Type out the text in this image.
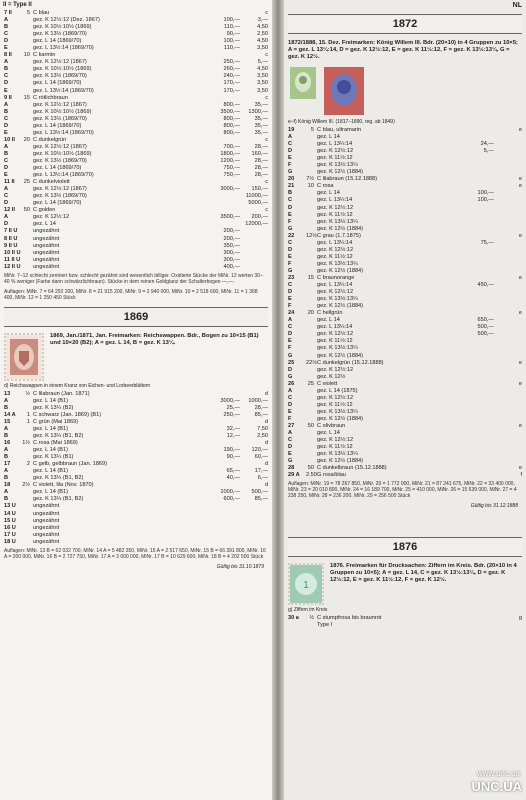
II = Type II
7 II	5 C blau	c
A	gez. K 12½:12 (Dez. 1867)	100,—	3,—
B	gez. K 10½:10½ (1869)	110,—	4,50
C	gez. K 13½ (1869/70)	90,—	2,50
D	gez. L 14 (1869/70)	100,—	4,50
E	gez. L 13½:14 (1869/70)	110,—	3,50
8 II	10 C karmin	c
A	gez. K 12½:12 (1867)	250,—	5,—
B	gez. K 10½:10½ (1869)	260,—	4,50
C	gez. K 13½ (1869/70)	240,—	3,50
D	gez. L 14 (1869/70)	170,—	3,50
E	gez. L 13½:14 (1869/70)	170,—	3,50
9 II	15 C rötlichbraun	c
A	gez. K 12½:12 (1867)	800,—	35,—
B	gez. K 10½:10½ (1869)	3500,—	1300,—
C	gez. K 13½ (1869/70)	800,—	35,—
D	gez. L 14 (1869/70)	800,—	35,—
E	gez. L 13½:14 (1869/70)	800,—	35,—
10 II	20 C dunkelgrün	c
A	gez. K 12½:12 (1867)	700,—	28,—
B	gez. K 10½:10½ (1869)	1800,—	160,—
C	gez. K 13½ (1869/70)	1200,—	28,—
D	gez. L 14 (1869/70)	750,—	28,—
E	gez. L 13½:14 (1869/70)	750,—	28,—
11 II	25 C dunkelviolett	c
A	gez. K 12½:12 (1867)	3000,—	150,—
C	gez. K 13½ (1869/70)	11000,—
D	gez. L 14 (1869/70)	5000,—
12 II	50 C golden	c
A	gez. K 12½:12	3500,—	200,—
D	gez. L 14	12000,—
7 II U	ungezähnt	200,—
8 II U	ungezähnt	200,—
9 II U	ungezähnt	350,—
10 II U ungezähnt	300,—
11 II U	ungezähnt	300,—
12 II U ungezähnt	400,—
MiNr. 7–12 schlecht zentriert bzw. schlecht gezähnt sind wesentlich billiger. Oxidierte Stücke der MiNr. 12 werten 30–40 % weniger (Farbe dann schwärzlichbraun). Stücke in dem reinen Goldglanz der Schalterbogen —,—.
Auflagen: MiNr. 7 = 64 292 200, MiNr. 8 = 21 915 200, MiNr. 9 = 2 940 000, MiNr. 10 = 2 518 600, MiNr. 11 = 1 368 400, MiNr. 12 = 1 250 450 Stück
1869
1869, Jan./1871, Jan. Freimarken: Reichswappen. Bdr., Bogen zu 10×15 (B1) und 10×20 (B2); A = gez. L 14, B = gez. K 13¼.
d) Reichswappen in einem Kranz von Eichen- und Lorbeerblättern
13	½ C lilabraun (Jan. 1871)	d
A	gez. L 14 (B1)	3000,—	1000,—
B	gez. K 13¼ (B2)	25,—	28,—
14 A	1 C schwarz (Jan. 1869) (B1)	250,—	85,—
15	1 C grün (Mai 1869)	d
A	gez. L 14 (B1)	32,—	7,50
B	gez. K 13¼ (B1, B2)	12,—	2,50
16	1½ C rosa (Mai 1869)	d
A	gez. L 14 (B1)	190,—	120,—
B	gez. K 13¼ (B1)	90,—	60,—
17	2 C gelb, gelbbraun (Jan. 1869)	d
A	gez. L 14 (B1)	65,—	17,—
B	gez. K 13¼ (B1, B2)	40,—	6,—
18	2½ C violett, lila (Nov. 1870)	d
A	gez. L 14 (B1)	1000,—	500,—
B	gez. K 13¼ (B1, B2)	600,—	85,—
13 U	ungezähnt
14 U	ungezähnt
15 U	ungezähnt
16 U	ungezähnt
17 U	ungezähnt
18 U	ungezähnt
Auflagen: MiNr. 13 B = 62 032 700, MiNr. 14 A = 5 482 350, MiNr. 15 A = 2 517 650, MiNr. 15 B = 66 391 800, MiNr. 16 A = 200 000, MiNr. 16 B = 2 727 750, MiNr. 17 A = 3 000 000, MiNr. 17 B = 10 629 600, MiNr. 18 B = 4 202 500 Stück
Gültig bis 31.10.1879
NL
1872
1872/1888, 15. Dez. Freimarken: König Willem III. Bdr. (20×10) in 4 Gruppen zu 10×5; A = gez. L 13¼:14, D = gez. K 12½:12, E = gez. K 11½:12, F = gez. K 13½:13¼, G = gez. K 12½.
e–f) König Willem III. (1817–1890, reg. ab 1849)
19	5 C blau, ultramarin	e
A	gez. L 14
C	gez. L 13¼:14	24,—
D	gez. K 12½:12	5,—
E	gez. K 11½:12
F	gez. K 13½:13¼
G	gez. K 12½ (1884)
20	7½ C lilabraun (15.12.1888)	e
21	10 C rosa	e
B	gez. L 14	100,—
C	gez. L 13¼:14	100,—
D	gez. K 12½:12
E	gez. K 11½:12
F	gez. K 13½:13¼
G	gez. K 12½ (1884)
22	12½ C grau (1.7.1875)	e
C	gez. L 13¼:14	75,—
D	gez. K 12½:12
E	gez. K 11½:12
F	gez. K 13½:13¼
G	gez. K 12½ (1884)
23	15 C braunorange	e
C	gez. L 13¼:14	450,—
D	gez. K 12½:12
E	gez. K 13½:13¼
F	gez. K 12½ (1884)
24	20 C hellgrün	e
A	gez. L 14	650,—
C	gez. L 13¼:14	500,—
D	gez. K 12½:12	500,—
E	gez. K 11½:12
F	gez. K 13½:13¼
G	gez. K 12½ (1884)
25	22½ C dunkelgrün (15.12.1888)	e
D	gez. K 12½:12
G	gez. K 12½
26	25 C violett	e
A	gez. L 14 (1875)
C	gez. K 12½:12
D	gez. K 11½:12
E	gez. K 13½:13¼
F	gez. K 12½ (1884)
27	50 C olivbraun	e
A	gez. L 14
C	gez. K 12½:12
D	gez. K 11½:12
E	gez. K 13½:13¼
G	gez. K 12½ (1884)
28	50 C dunkelbraun (15.12.1888)	e
29 A	2.50 G rosa/blau	f
Auflagen: MiNr. 19 = 78 267 850, MiNr. 20 = 1 772 000, MiNr. 21 = 87 241 675, MiNr. 22 = 33 400 000, MiNr. 23 = 20 010 800, MiNr. 24 = 16 189 700, MiNr. 25 = 410 000, MiNr. 26 = 15 639 000, MiNr. 27 = 4 238 250, MiNr. 28 = 236 200, MiNr. 29 = 256 500 Stück
Gültig bis 31.12.1888
1876
1
1876. Freimarken für Drucksachen: Ziffern im Kreis. Bdr. (20×10 in 4 Gruppen zu 10×5); A = gez. L 14, C = gez. K 13½:13¼, D = gez. K 12½:12, E = gez. K 11½:12, F = gez. K 12½.
g) Ziffern im Kreis
30 a	½ C stumpfrosa bis braunrot	g
Type I
www.unc.ua
UNC.UA
